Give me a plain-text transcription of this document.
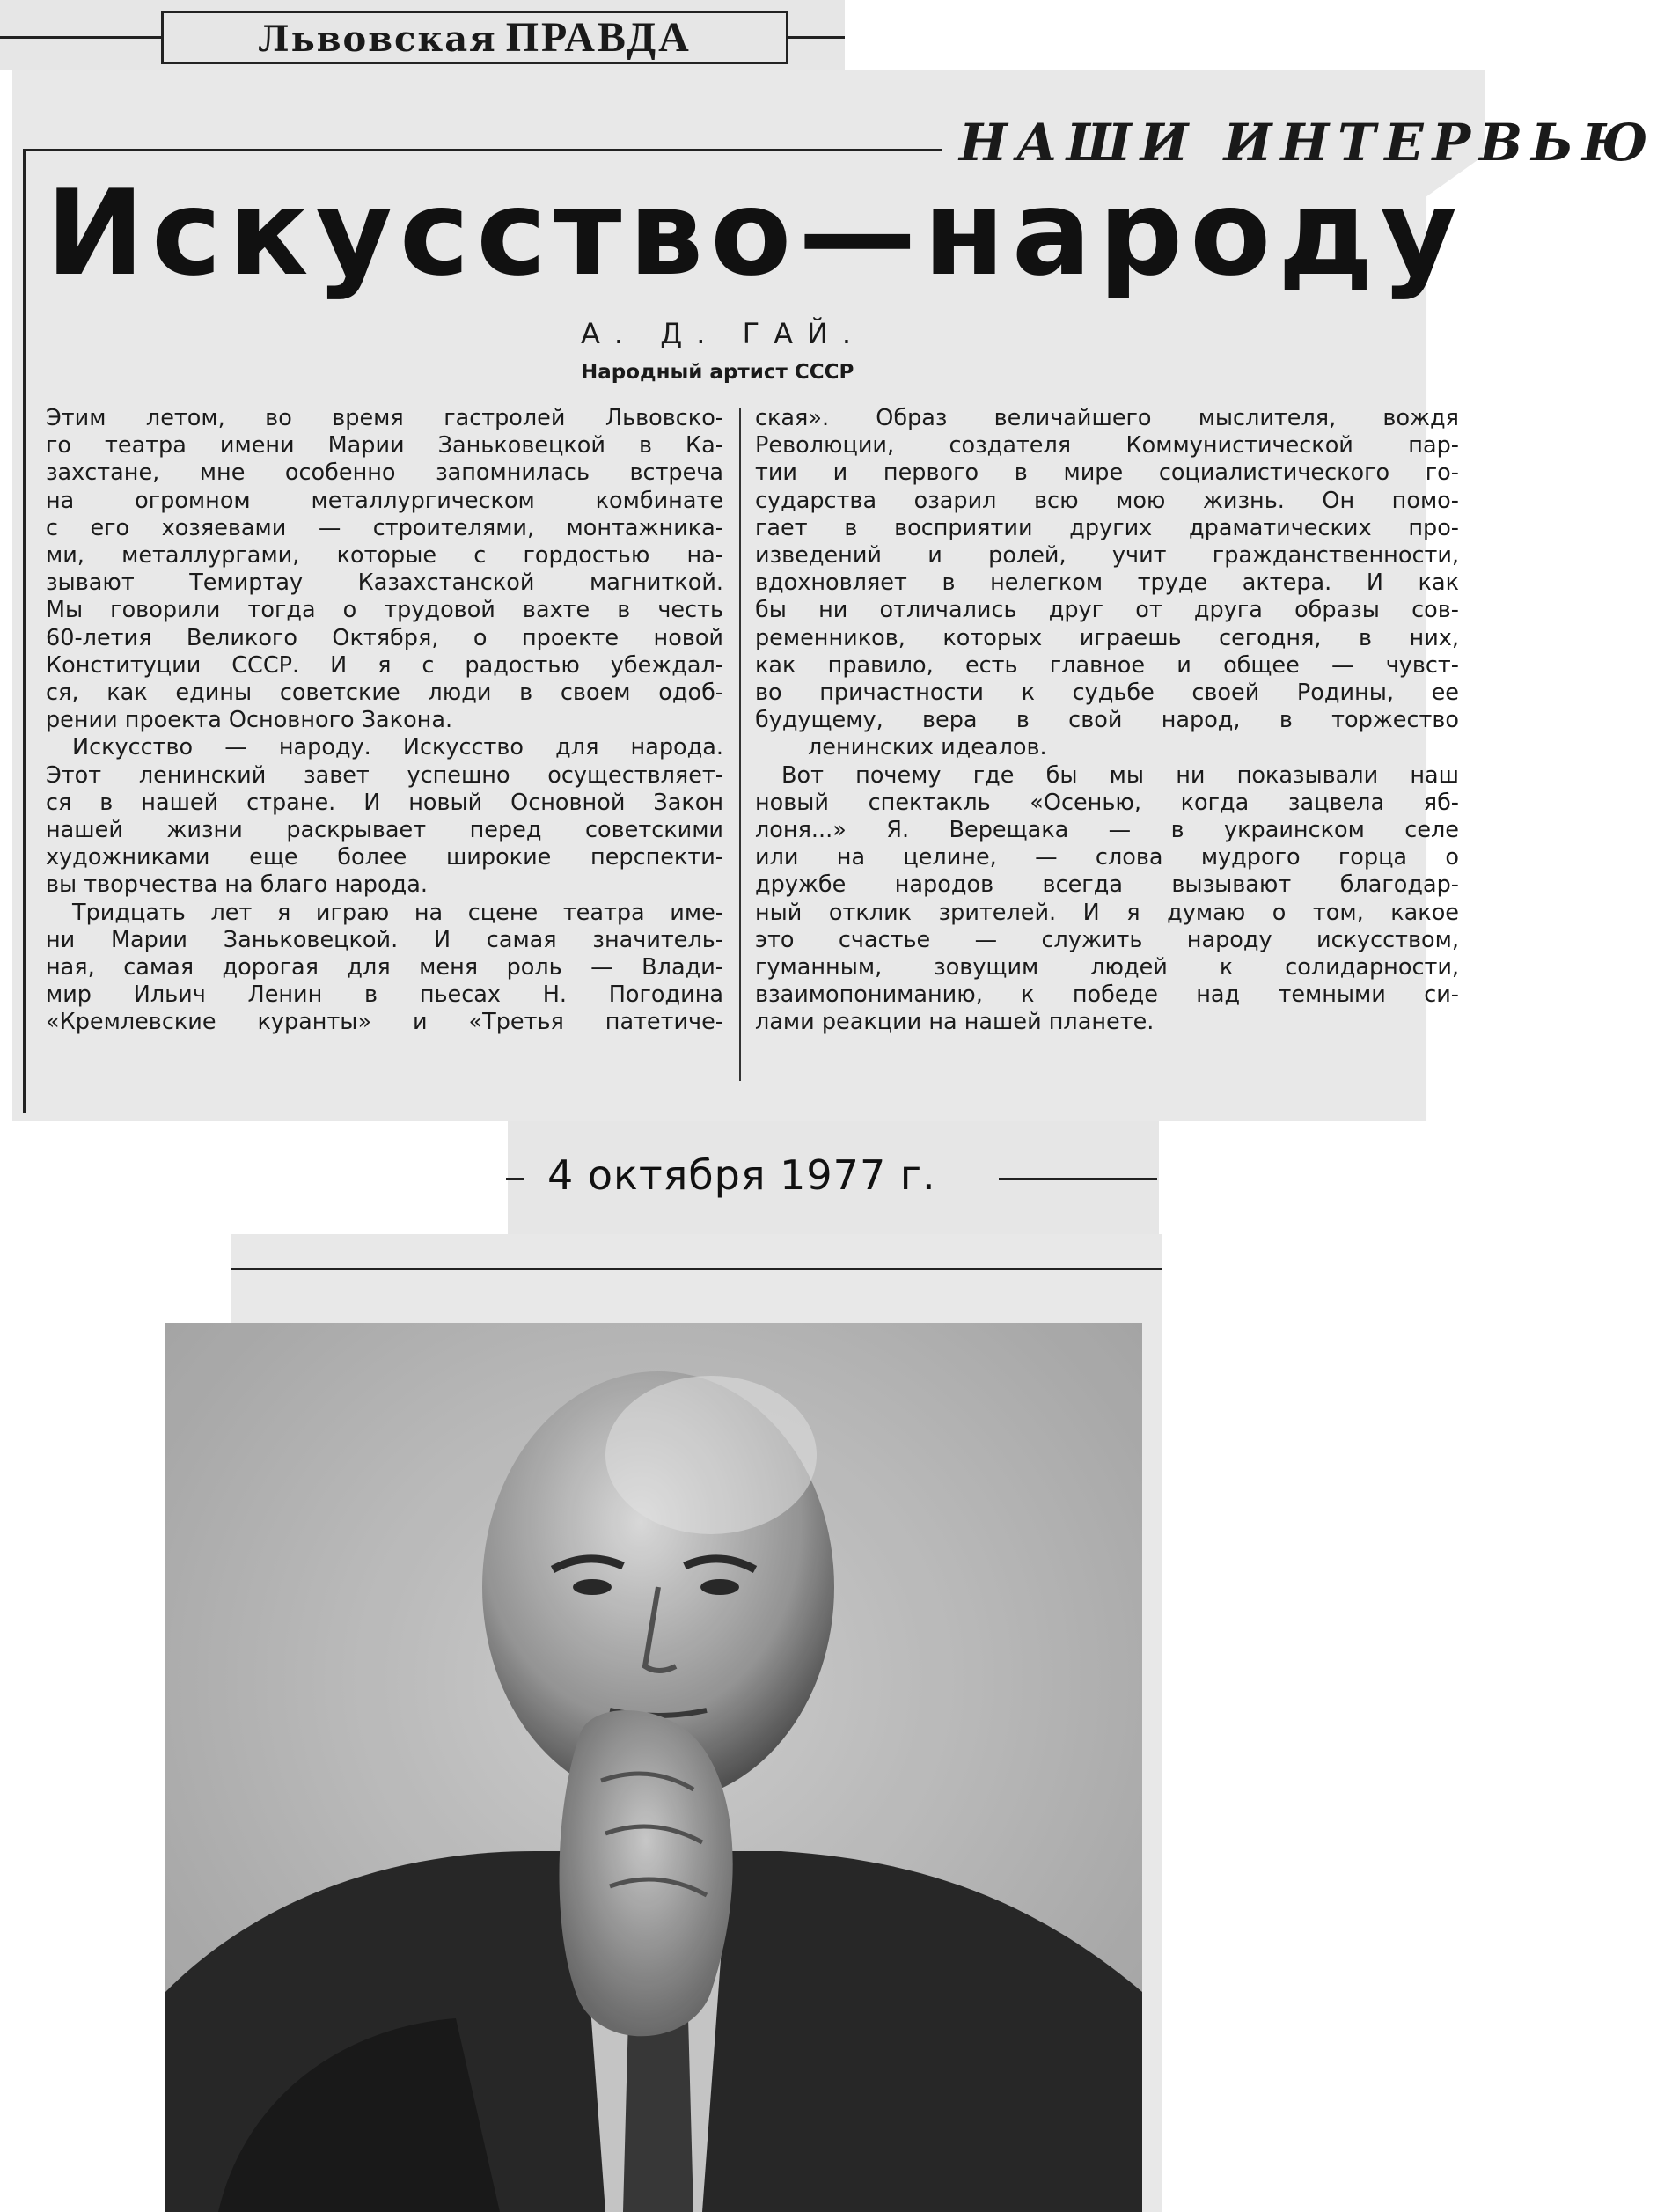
Львовская ПРАВДА
НАШИ ИНТЕРВЬЮ
Искусство—народу
А. Д. ГАЙ.
Народный артист СССР
Этим летом, во время гастролей Львовско-
го театра имени Марии Заньковецкой в Ка-
захстане, мне особенно запомнилась встреча
на огромном металлургическом комбинате
с его хозяевами — строителями, монтажника-
ми, металлургами, которые с гордостью на-
зывают Темиртау Казахстанской магниткой.
Мы говорили тогда о трудовой вахте в честь
60-летия Великого Октября, о проекте новой
Конституции СССР. И я с радостью убеждал-
ся, как едины советские люди в своем одоб-
рении проекта Основного Закона.
Искусство — народу. Искусство для народа.
Этот ленинский завет успешно осуществляет-
ся в нашей стране. И новый Основной Закон
нашей жизни раскрывает перед советскими
художниками еще более широкие перспекти-
вы творчества на благо народа.
Тридцать лет я играю на сцене театра име-
ни Марии Заньковецкой. И самая значитель-
ная, самая дорогая для меня роль — Влади-
мир Ильич Ленин в пьесах Н. Погодина
«Кремлевские куранты» и «Третья патетиче-
ская». Образ величайшего мыслителя, вождя
Революции, создателя Коммунистической пар-
тии и первого в мире социалистического го-
сударства озарил всю мою жизнь. Он помо-
гает в восприятии других драматических про-
изведений и ролей, учит гражданственности,
вдохновляет в нелегком труде актера. И как
бы ни отличались друг от друга образы сов-
ременников, которых играешь сегодня, в них,
как правило, есть главное и общее — чувст-
во причастности к судьбе своей Родины, ее
будущему, вера в свой народ, в торжество
ленинских идеалов.
Вот почему где бы мы ни показывали наш
новый спектакль «Осенью, когда зацвела яб-
лоня...» Я. Верещака — в украинском селе
или на целине, — слова мудрого горца о
дружбе народов всегда вызывают благодар-
ный отклик зрителей. И я думаю о том, какое
это счастье — служить народу искусством,
гуманным, зовущим людей к солидарности,
взаимопониманию, к победе над темными си-
лами реакции на нашей планете.
4 октября 1977 г.
